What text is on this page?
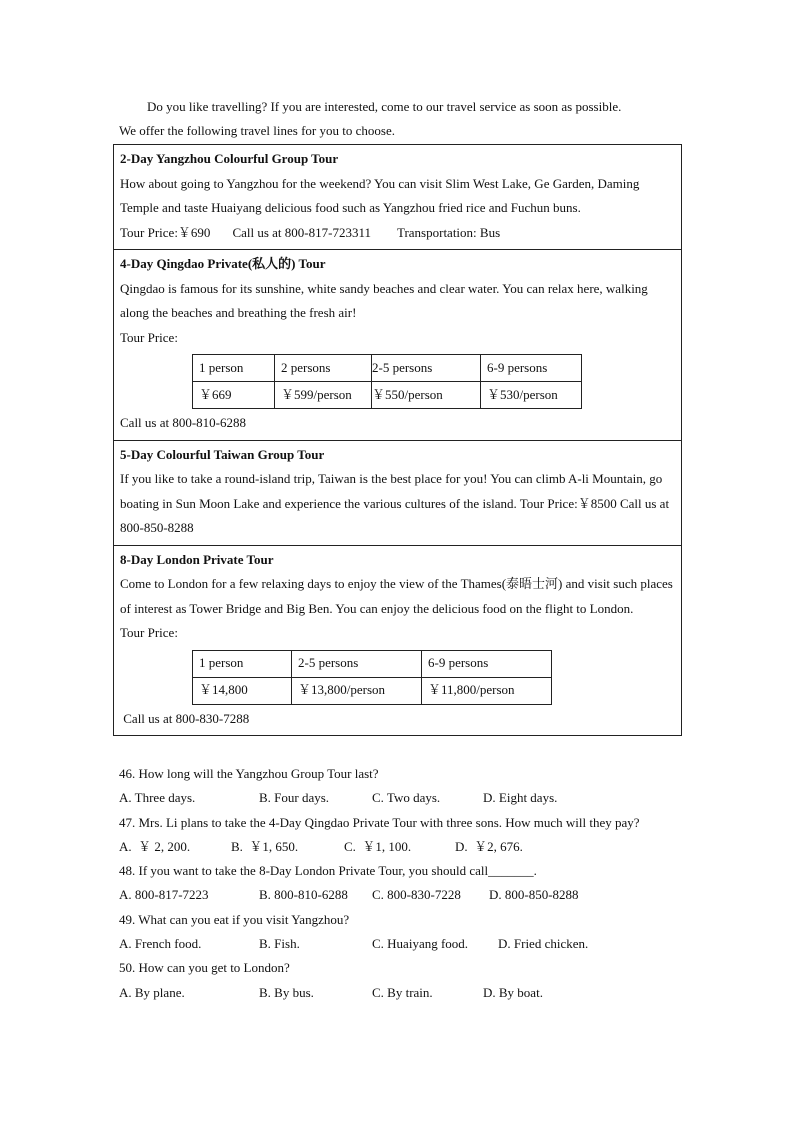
Do you like travelling? If you are interested, come to our travel service as soon as possible.

We offer the following travel lines for you to choose.

2-Day Yangzhou Colourful Group Tour

How about going to Yangzhou for the weekend? You can visit Slim West Lake, Ge Garden, Daming Temple and taste Huaiyang delicious food such as Yangzhou fried rice and Fuchun buns.

Tour Price:￥690 Call us at 800-817-723311 Transportation: Bus

4-Day Qingdao Private(私人的) Tour

Qingdao is famous for its sunshine, white sandy beaches and clear water. You can relax here, walking along the beaches and breathing the fresh air!

Tour Price:

1 person	2 persons	2-5 persons	6-9 persons
￥669	￥599/person	￥550/person	￥530/person

Call us at 800-810-6288

5-Day Colourful Taiwan Group Tour

If you like to take a round-island trip, Taiwan is the best place for you! You can climb A-li Mountain, go boating in Sun Moon Lake and experience the various cultures of the island. Tour Price:￥8500 Call us at 800-850-8288

8-Day London Private Tour

Come to London for a few relaxing days to enjoy the view of the Thames(泰晤士河) and visit such places of interest as Tower Bridge and Big Ben. You can enjoy the delicious food on the flight to London.

Tour Price:

1 person	2-5 persons	6-9 persons
￥14,800	￥13,800/person	￥11,800/person

Call us at 800-830-7288

46. How long will the Yangzhou Group Tour last?

A. Three days.	B. Four days.	C. Two days.	D. Eight days.

47. Mrs. Li plans to take the 4-Day Qingdao Private Tour with three sons. How much will they pay?

A.  ￥ 2, 200.	B.  ￥1, 650.	C.  ￥1, 100.	D.  ￥2, 676.

48. If you want to take the 8-Day London Private Tour, you should call_______.

A. 800-817-7223	B. 800-810-6288	C. 800-830-7228	D. 800-850-8288

49. What can you eat if you visit Yangzhou?

A. French food.	B. Fish.	C. Huaiyang food.	D. Fried chicken.

50. How can you get to London?

A. By plane.	B. By bus.	C. By train.	D. By boat.
